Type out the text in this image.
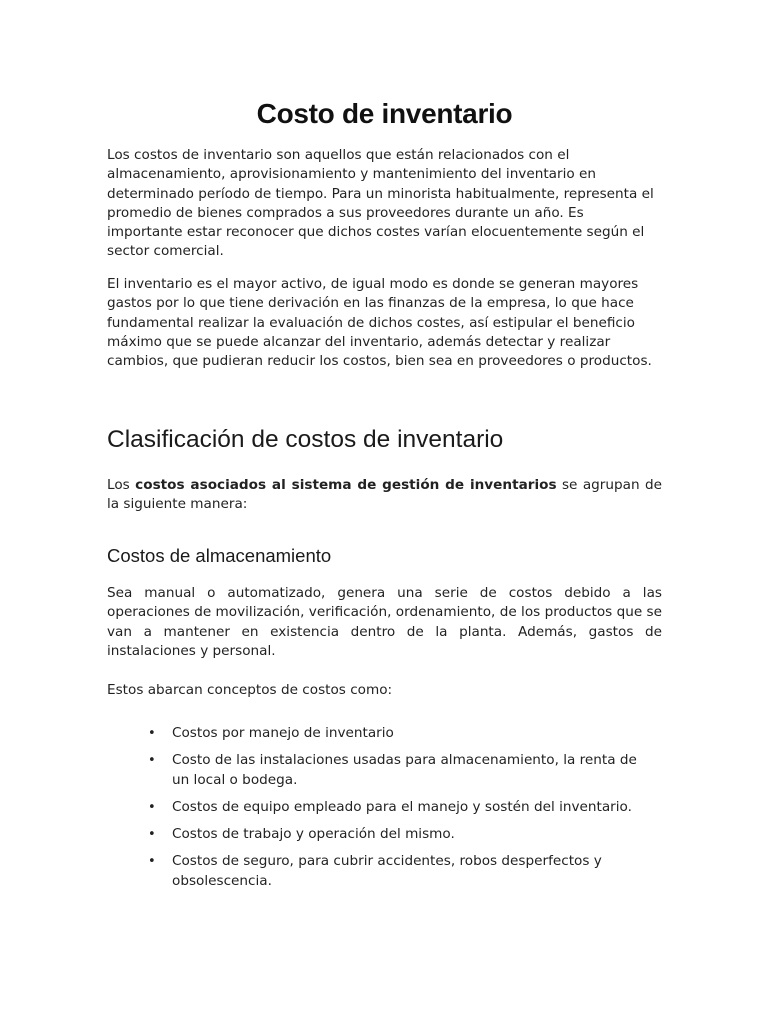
Costo de inventario

Los costos de inventario son aquellos que están relacionados con el almacenamiento, aprovisionamiento y mantenimiento del inventario en determinado período de tiempo. Para un minorista habitualmente, representa el promedio de bienes comprados a sus proveedores durante un año. Es importante estar reconocer que dichos costes varían elocuentemente según el sector comercial.

El inventario es el mayor activo, de igual modo es donde se generan mayores gastos por lo que tiene derivación en las finanzas de la empresa, lo que hace fundamental realizar la evaluación de dichos costes, así estipular el beneficio máximo que se puede alcanzar del inventario, además detectar y realizar cambios, que pudieran reducir los costos, bien sea en proveedores o productos.

Clasificación de costos de inventario

Los costos asociados al sistema de gestión de inventarios se agrupan de la siguiente manera:

Costos de almacenamiento

Sea manual o automatizado, genera una serie de costos debido a las operaciones de movilización, verificación, ordenamiento, de los productos que se van a mantener en existencia dentro de la planta. Además, gastos de instalaciones y personal.

Estos abarcan conceptos de costos como:

• Costos por manejo de inventario
• Costo de las instalaciones usadas para almacenamiento, la renta de un local o bodega.
• Costos de equipo empleado para el manejo y sostén del inventario.
• Costos de trabajo y operación del mismo.
• Costos de seguro, para cubrir accidentes, robos desperfectos y obsolescencia.
